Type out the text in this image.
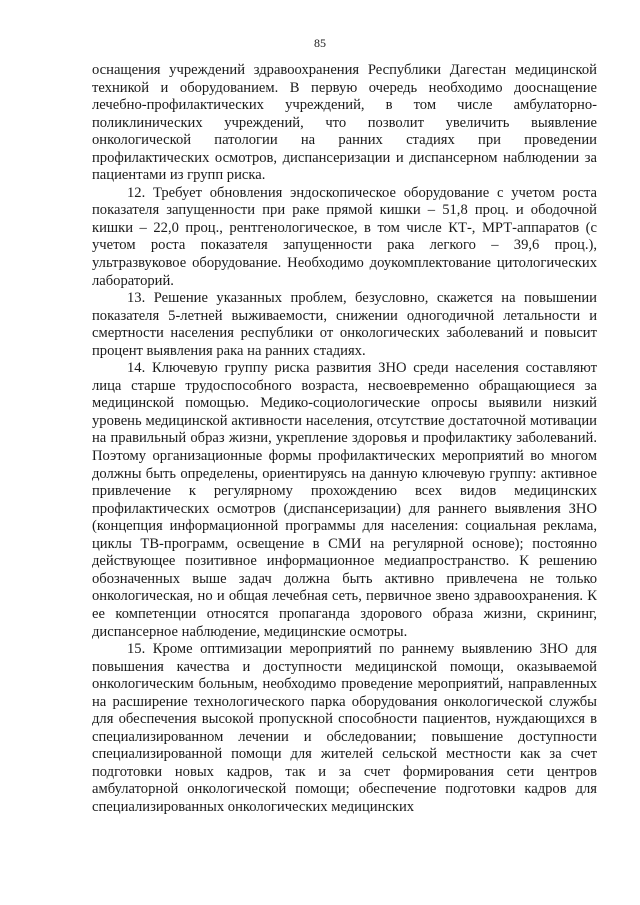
85

оснащения учреждений здравоохранения Республики Дагестан медицинской техникой и оборудованием. В первую очередь необходимо дооснащение лечебно-профилактических учреждений, в том числе амбулаторно-поликлинических учреждений, что позволит увеличить выявление онкологической патологии на ранних стадиях при проведении профилактических осмотров, диспансеризации и диспансерном наблюдении за пациентами из групп риска.

12. Требует обновления эндоскопическое оборудование с учетом роста показателя запущенности при раке прямой кишки – 51,8 проц. и ободочной кишки – 22,0 проц., рентгенологическое, в том числе КТ-, МРТ-аппаратов (с учетом роста показателя запущенности рака легкого – 39,6 проц.), ультразвуковое оборудование. Необходимо доукомплектование цитологических лабораторий.

13. Решение указанных проблем, безусловно, скажется на повышении показателя 5-летней выживаемости, снижении одногодичной летальности и смертности населения республики от онкологических заболеваний и повысит процент выявления рака на ранних стадиях.

14. Ключевую группу риска развития ЗНО среди населения составляют лица старше трудоспособного возраста, несвоевременно обращающиеся за медицинской помощью. Медико-социологические опросы выявили низкий уровень медицинской активности населения, отсутствие достаточной мотивации на правильный образ жизни, укрепление здоровья и профилактику заболеваний. Поэтому организационные формы профилактических мероприятий во многом должны быть определены, ориентируясь на данную ключевую группу: активное привлечение к регулярному прохождению всех видов медицинских профилактических осмотров (диспансеризации) для раннего выявления ЗНО (концепция информационной программы для населения: социальная реклама, циклы ТВ-программ, освещение в СМИ на регулярной основе); постоянно действующее позитивное информационное медиапространство. К решению обозначенных выше задач должна быть активно привлечена не только онкологическая, но и общая лечебная сеть, первичное звено здравоохранения. К ее компетенции относятся пропаганда здорового образа жизни, скрининг, диспансерное наблюдение, медицинские осмотры.

15. Кроме оптимизации мероприятий по раннему выявлению ЗНО для повышения качества и доступности медицинской помощи, оказываемой онкологическим больным, необходимо проведение мероприятий, направленных на расширение технологического парка оборудования онкологической службы для обеспечения высокой пропускной способности пациентов, нуждающихся в специализированном лечении и обследовании; повышение доступности специализированной помощи для жителей сельской местности как за счет подготовки новых кадров, так и за счет формирования сети центров амбулаторной онкологической помощи; обеспечение подготовки кадров для специализированных онкологических медицинских
